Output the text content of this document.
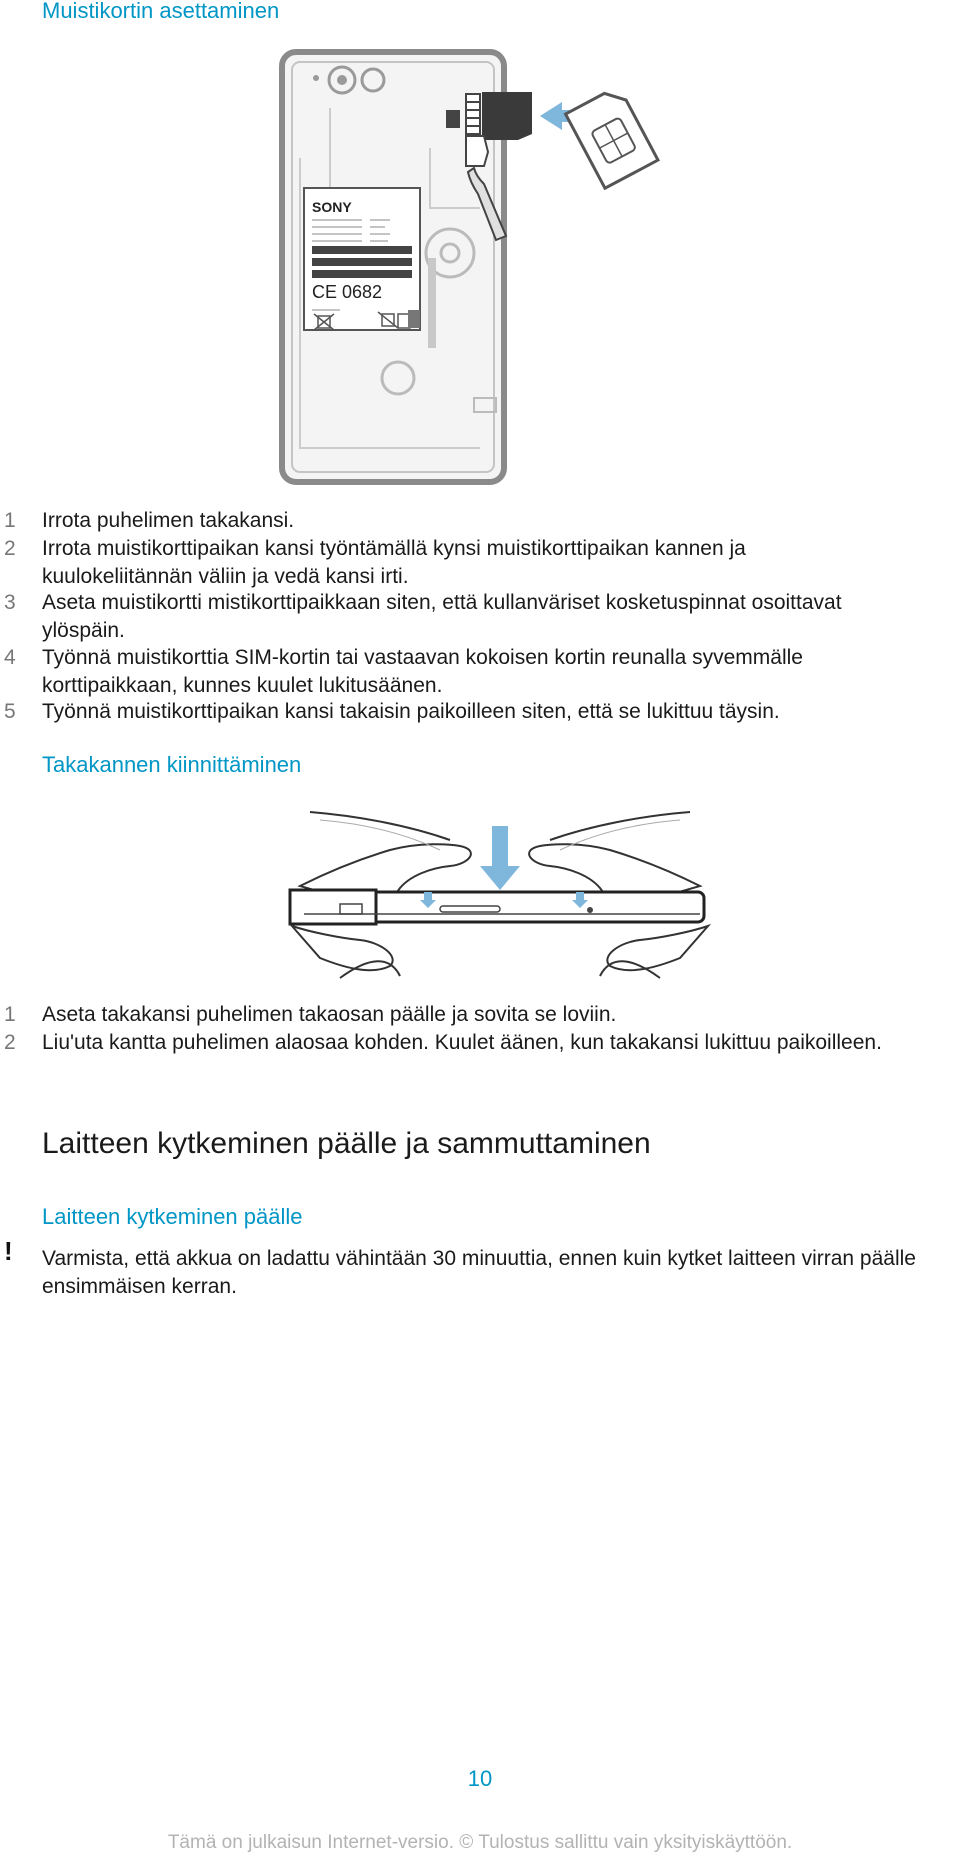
Muistikortin asettaminen
SONY
CE 0682
1	Irrota puhelimen takakansi.
2	Irrota muistikorttipaikan kansi työntämällä kynsi muistikorttipaikan kannen ja kuulokeliitännän väliin ja vedä kansi irti.
3	Aseta muistikortti mistikorttipaikkaan siten, että kullanväriset kosketuspinnat osoittavat ylöspäin.
4	Työnnä muistikorttia SIM-kortin tai vastaavan kokoisen kortin reunalla syvemmälle korttipaikkaan, kunnes kuulet lukitusäänen.
5	Työnnä muistikorttipaikan kansi takaisin paikoilleen siten, että se lukittuu täysin.
Takakannen kiinnittäminen
1	Aseta takakansi puhelimen takaosan päälle ja sovita se loviin.
2	Liu'uta kantta puhelimen alaosaa kohden. Kuulet äänen, kun takakansi lukittuu paikoilleen.
Laitteen kytkeminen päälle ja sammuttaminen
Laitteen kytkeminen päälle
! Varmista, että akkua on ladattu vähintään 30 minuuttia, ennen kuin kytket laitteen virran päälle ensimmäisen kerran.
10
Tämä on julkaisun Internet-versio. © Tulostus sallittu vain yksityiskäyttöön.
